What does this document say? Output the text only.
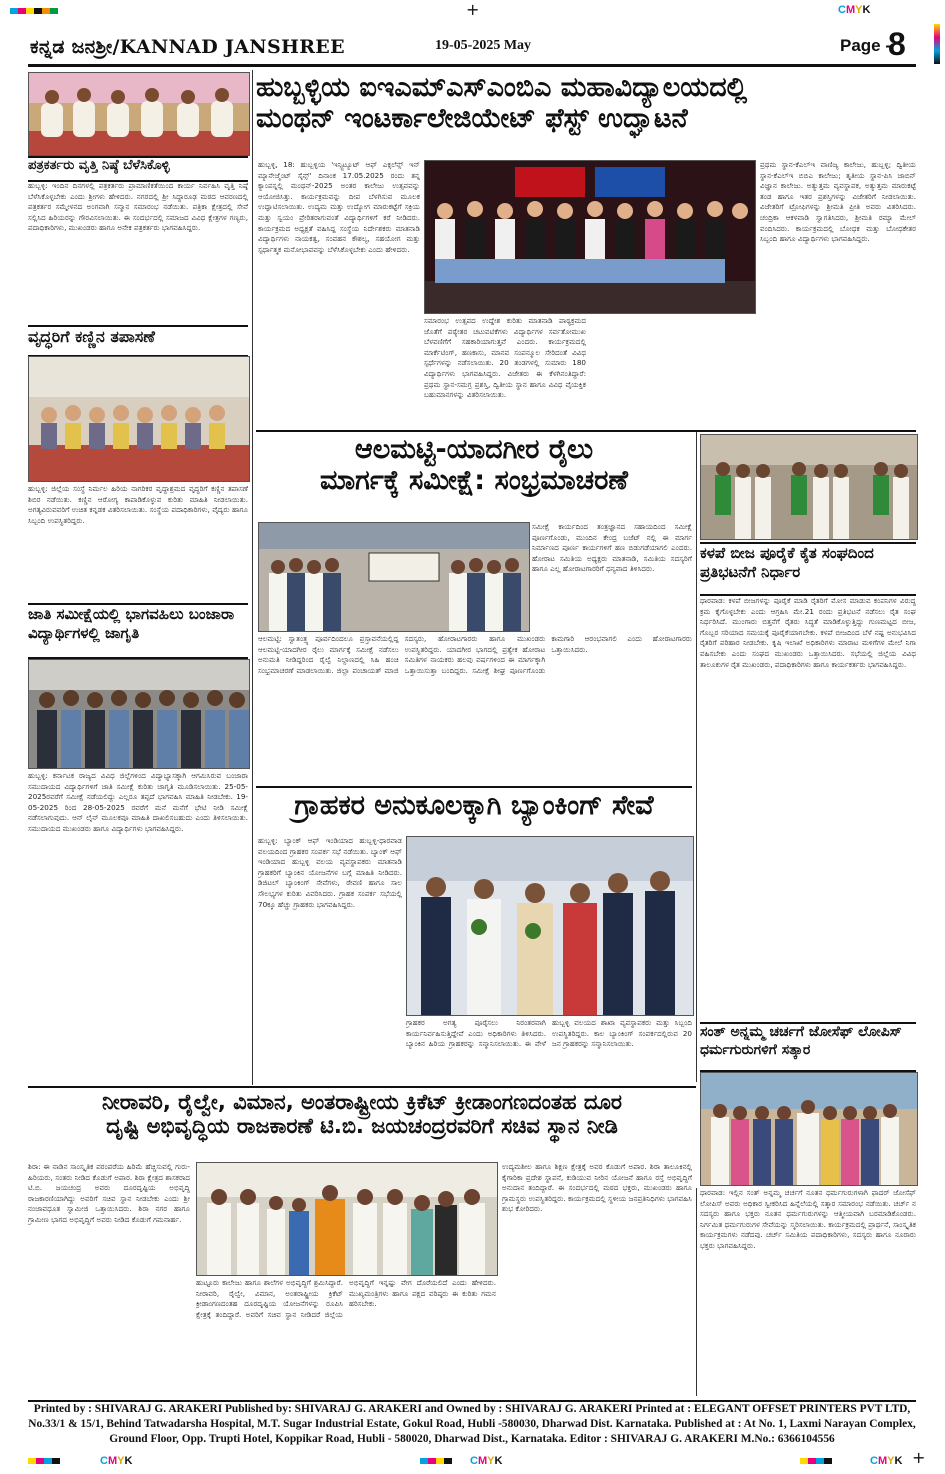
+	CMYK
ಕನ್ನಡ ಜನಶ್ರೀ/KANNAD JANSHREE	19-05-2025 May	Page -
8
ಪತ್ರಕರ್ತರು ವೃತ್ತಿ ನಿಷ್ಠೆ ಬೆಳೆಸಿಕೊಳ್ಳಿ
ಹುಬ್ಬಳ್ಳಿ: ಇಂದಿನ ದಿನಗಳಲ್ಲಿ ಪತ್ರಕರ್ತರು ಪ್ರಾಮಾಣಿಕತೆಯಿಂದ ಕಾರ್ಯ ನಿರ್ವಹಿಸಿ ವೃತ್ತಿ ನಿಷ್ಠೆ ಬೆಳೆಸಿಕೊಳ್ಳಬೇಕು ಎಂದು ಶ್ರೀಗಳು ಹೇಳಿದರು. ನಗರದಲ್ಲಿ ಶ್ರೀ ಸಿದ್ಧಾರೂಢ ಮಠದ ಆವರಣದಲ್ಲಿ ಪತ್ರಕರ್ತರ ಸಮ್ಮೇಳನದ ಅಂಗವಾಗಿ ಸನ್ಮಾನ ಸಮಾರಂಭ ನಡೆಯಿತು. ಪತ್ರಿಕಾ ಕ್ಷೇತ್ರದಲ್ಲಿ ಸೇವೆ ಸಲ್ಲಿಸಿದ ಹಿರಿಯರನ್ನು ಗೌರವಿಸಲಾಯಿತು. ಈ ಸಂದರ್ಭದಲ್ಲಿ ಸಮಾಜದ ವಿವಿಧ ಕ್ಷೇತ್ರಗಳ ಗಣ್ಯರು, ಪದಾಧಿಕಾರಿಗಳು, ಮುಖಂಡರು ಹಾಗೂ ಅನೇಕ ಪತ್ರಕರ್ತರು ಭಾಗವಹಿಸಿದ್ದರು.
ವೃದ್ಧರಿಗೆ ಕಣ್ಣಿನ ತಪಾಸಣೆ
ಹುಬ್ಬಳ್ಳಿ: ಜಿಲ್ಲೆಯ ಸಂಸ್ಥೆ ನಿರ್ಮಲ ಹಿರಿಯ ನಾಗರಿಕರ ವೃದ್ಧಾಶ್ರಮದ ವೃದ್ಧರಿಗೆ ಕಣ್ಣಿನ ತಪಾಸಣೆ ಶಿಬಿರ ನಡೆಯಿತು. ಕಣ್ಣಿನ ಆರೋಗ್ಯ ಕಾಪಾಡಿಕೊಳ್ಳುವ ಕುರಿತು ಮಾಹಿತಿ ನೀಡಲಾಯಿತು. ಅಗತ್ಯವಿರುವವರಿಗೆ ಉಚಿತ ಕನ್ನಡಕ ವಿತರಿಸಲಾಯಿತು. ಸಂಸ್ಥೆಯ ಪದಾಧಿಕಾರಿಗಳು, ವೈದ್ಯರು ಹಾಗೂ ಸಿಬ್ಬಂದಿ ಉಪಸ್ಥಿತರಿದ್ದರು.
ಜಾತಿ ಸಮೀಕ್ಷೆಯಲ್ಲಿ ಭಾಗವಹಿಲು ಬಂಜಾರಾ ವಿದ್ಯಾರ್ಥಿಗಳಲ್ಲಿ ಜಾಗೃತಿ
ಹುಬ್ಬಳ್ಳಿ: ಕರ್ನಾಟಕ ರಾಜ್ಯದ ವಿವಿಧ ಜಿಲ್ಲೆಗಳಿಂದ ವಿದ್ಯಾಭ್ಯಾಸಕ್ಕಾಗಿ ಆಗಮಿಸಿರುವ ಬಂಜಾರಾ ಸಮುದಾಯದ ವಿದ್ಯಾರ್ಥಿಗಳಿಗೆ ಜಾತಿ ಸಮೀಕ್ಷೆ ಕುರಿತು ಜಾಗೃತಿ ಮೂಡಿಸಲಾಯಿತು. 25-05-2025ರವರೆಗೆ ಸಮೀಕ್ಷೆ ನಡೆಯಲಿದ್ದು ಎಲ್ಲರೂ ತಪ್ಪದೆ ಭಾಗವಹಿಸಿ ಮಾಹಿತಿ ನೀಡಬೇಕು. 19-05-2025 ರಿಂದ 28-05-2025 ರವರೆಗೆ ಮನೆ ಮನೆಗೆ ಭೇಟಿ ನೀಡಿ ಸಮೀಕ್ಷೆ ನಡೆಸಲಾಗುವುದು. ಆನ್ ಲೈನ್ ಮೂಲಕವೂ ಮಾಹಿತಿ ದಾಖಲಿಸಬಹುದು ಎಂದು ತಿಳಿಸಲಾಯಿತು. ಸಮುದಾಯದ ಮುಖಂಡರು ಹಾಗೂ ವಿದ್ಯಾರ್ಥಿಗಳು ಭಾಗವಹಿಸಿದ್ದರು.
ಹುಬ್ಬಳ್ಳಿಯ ಐಇಎಮ್ಎಸ್ಎಂಬಿಎ ಮಹಾವಿದ್ಯಾಲಯದಲ್ಲಿ
ಮಂಥನ್ ಇಂಟರ್ಕಾಲೇಜಿಯೇಟ್ ಫೆಸ್ಟ್ ಉದ್ಘಾಟನೆ
ಹುಬ್ಬಳ್ಳಿ, 18: ಹುಬ್ಬಳ್ಳಿಯ 'ಇನ್ಸ್ಟಿಟ್ಯೂಟ್ ಆಫ್ ಎಕ್ಸಲೆನ್ಸ್ ಇನ್ ಮ್ಯಾನೇಜ್ಮೆಂಟ್ ಸೈನ್ಸ್' ದಿನಾಂಕ 17.05.2025 ರಂದು ತನ್ನ ಕ್ಯಾಂಪಸ್ನಲ್ಲಿ ಮಂಥನ್-2025 ಅಂತರ ಕಾಲೇಜು ಉತ್ಸವವನ್ನು ಆಯೋಜಿಸಿತ್ತು. ಕಾರ್ಯಕ್ರಮವನ್ನು ದೀಪ ಬೆಳಗಿಸುವ ಮೂಲಕ ಉದ್ಘಾಟಿಸಲಾಯಿತು. ಉದ್ಯಮ ಮತ್ತು ಉದ್ಯೋಗ ಮಾರುಕಟ್ಟೆಗೆ ಸಕ್ರಿಯ ಮತ್ತು ಸ್ವಯಂ ಪ್ರೇರಿತರಾಗುವಂತೆ ವಿದ್ಯಾರ್ಥಿಗಳಿಗೆ ಕರೆ ನೀಡಿದರು. ಕಾರ್ಯಕ್ರಮದ ಅಧ್ಯಕ್ಷತೆ ವಹಿಸಿದ್ದ ಸಂಸ್ಥೆಯ ನಿರ್ದೇಶಕರು ಮಾತನಾಡಿ ವಿದ್ಯಾರ್ಥಿಗಳು ನಾಯಕತ್ವ, ಸಂವಹನ ಕೌಶಲ್ಯ, ಸಹಯೋಗ ಮತ್ತು ಸ್ಪರ್ಧಾತ್ಮಕ ಮನೋಭಾವವನ್ನು ಬೆಳೆಸಿಕೊಳ್ಳಬೇಕು ಎಂದು ಹೇಳಿದರು.
ಸಮಾರಂಭ ಉತ್ಸವದ ಉದ್ದೇಶ ಕುರಿತು ಮಾತನಾಡಿ ಪಾಠ್ಯಕ್ರಮದ ಜೊತೆಗೆ ಪಠ್ಯೇತರ ಚಟುವಟಿಕೆಗಳು ವಿದ್ಯಾರ್ಥಿಗಳ ಸರ್ವತೋಮುಖ ಬೆಳವಣಿಗೆಗೆ ಸಹಕಾರಿಯಾಗುತ್ತವೆ ಎಂದರು. ಕಾರ್ಯಕ್ರಮದಲ್ಲಿ ಮಾರ್ಕೆಟಿಂಗ್, ಹಣಕಾಸು, ಮಾನವ ಸಂಪನ್ಮೂಲ ಸೇರಿದಂತೆ ವಿವಿಧ ಸ್ಪರ್ಧೆಗಳನ್ನು ನಡೆಸಲಾಯಿತು. 20 ತಂಡಗಳಲ್ಲಿ ಸುಮಾರು 180 ವಿದ್ಯಾರ್ಥಿಗಳು ಭಾಗವಹಿಸಿದ್ದರು. ವಿಜೇತರು ಈ ಕೆಳಗಿನಂತಿದ್ದಾರೆ: ಪ್ರಥಮ ಸ್ಥಾನ-ಸಮಗ್ರ ಪ್ರಶಸ್ತಿ, ದ್ವಿತೀಯ ಸ್ಥಾನ ಹಾಗೂ ವಿವಿಧ ವೈಯಕ್ತಿಕ ಬಹುಮಾನಗಳನ್ನು ವಿತರಿಸಲಾಯಿತು.
ಪ್ರಥಮ ಸ್ಥಾನ-ಕೆಎಲ್ಇ ವಾಣಿಜ್ಯ ಕಾಲೇಜು, ಹುಬ್ಬಳ್ಳಿ; ದ್ವಿತೀಯ ಸ್ಥಾನ-ಕೆಎಲ್ಇ ಬಿಬಿಎ ಕಾಲೇಜು; ತೃತೀಯ ಸ್ಥಾನ-ಪಿಸಿ ಜಾಬಿನ್ ವಿಜ್ಞಾನ ಕಾಲೇಜು. ಅತ್ಯುತ್ತಮ ವ್ಯವಸ್ಥಾಪಕ, ಅತ್ಯುತ್ತಮ ಮಾರುಕಟ್ಟೆ ತಂಡ ಹಾಗೂ ಇತರ ಪ್ರಶಸ್ತಿಗಳನ್ನು ವಿಜೇತರಿಗೆ ನೀಡಲಾಯಿತು. ವಿಜೇತರಿಗೆ ಟ್ರೋಫಿಗಳನ್ನು ಶ್ರೀಮತಿ ಪ್ರೀತಿ ಅವರು ವಿತರಿಸಿದರು. ಚಂದ್ರಿಕಾ ಆಕಳವಾಡಿ ಸ್ವಾಗತಿಸಿದರು, ಶ್ರೀಮತಿ ರಮ್ಯಾ ಮೇಲ್ ವಂದಿಸಿದರು. ಕಾರ್ಯಕ್ರಮದಲ್ಲಿ ಬೋಧಕ ಮತ್ತು ಬೋಧಕೇತರ ಸಿಬ್ಬಂದಿ ಹಾಗೂ ವಿದ್ಯಾರ್ಥಿಗಳು ಭಾಗವಹಿಸಿದ್ದರು.
ಆಲಮಟ್ಟಿ-ಯಾದಗೀರ ರೈಲು
ಮಾರ್ಗಕ್ಕೆ ಸಮೀಕ್ಷೆ: ಸಂಭ್ರಮಾಚರಣೆ
ಸಮೀಕ್ಷೆ ಕಾರ್ಯದಿಂದ ತಂತ್ರಜ್ಞಾನದ ಸಹಾಯದಿಂದ ಸಮೀಕ್ಷೆ ಪೂರ್ಣಗೊಂಡು, ಮುಂದಿನ ಕೇಂದ್ರ ಬಜೆಟ್ ನಲ್ಲಿ ಈ ಮಾರ್ಗ ನಿರ್ಮಾಣದ ಪೂರ್ಣ ಕಾರ್ಯಗಳಿಗೆ ಹಣ ಬಿಡುಗಡೆಯಾಗಲಿ ಎಂದರು. ಹೋರಾಟ ಸಮಿತಿಯ ಅಧ್ಯಕ್ಷರು ಮಾತನಾಡಿ, ಸಮಿತಿಯ ಸದಸ್ಯರಿಗೆ ಹಾಗೂ ಎಲ್ಲ ಹೋರಾಟಗಾರರಿಗೆ ಧನ್ಯವಾದ ತಿಳಿಸಿದರು.
ಆಲಮಟ್ಟಿ: ಸ್ವಾತಂತ್ರ್ಯ ಪೂರ್ವದಿಂದಲೂ ಪ್ರಸ್ತಾವನೆಯಲ್ಲಿದ್ದ ಆಲಮಟ್ಟಿ-ಯಾದಗೀರ ರೈಲು ಮಾರ್ಗಕ್ಕೆ ಸಮೀಕ್ಷೆ ನಡೆಸಲು ಅನುಮತಿ ನೀಡಿದ್ದರಿಂದ ರೈಲ್ವೆ ನಿಲ್ದಾಣದಲ್ಲಿ ಸಿಹಿ ಹಂಚಿ ಸಂಭ್ರಮಾಚರಣೆ ಮಾಡಲಾಯಿತು. ಜಿಲ್ಲಾ ಪಂಚಾಯತ್ ಮಾಜಿ ಸದಸ್ಯರು, ಹೋರಾಟಗಾರರು ಹಾಗೂ ಮುಖಂಡರು ಉಪಸ್ಥಿತರಿದ್ದರು. ಯಾದಗೀರ ಭಾಗದಲ್ಲಿ ಪ್ರತ್ಯೇಕ ಹೋರಾಟ ಸಮಿತಿಗಳ ನಾಯಕರು ಹಲವು ವರ್ಷಗಳಿಂದ ಈ ಮಾರ್ಗಕ್ಕಾಗಿ ಒತ್ತಾಯಿಸುತ್ತಾ ಬಂದಿದ್ದರು. ಸಮೀಕ್ಷೆ ಶೀಘ್ರ ಪೂರ್ಣಗೊಂಡು ಕಾಮಗಾರಿ ಆರಂಭವಾಗಲಿ ಎಂದು ಹೋರಾಟಗಾರರು ಒತ್ತಾಯಿಸಿದರು.
ಕಳಪೆ ಬೀಜ ಪೂರೈಕೆ ಕೈತ ಸಂಘದಿಂದ ಪ್ರತಿಭಟನೆಗೆ ನಿರ್ಧಾರ
ಧಾರವಾಡ: ಕಳಪೆ ಬೀಜಗಳನ್ನು ಪೂರೈಕೆ ಮಾಡಿ ರೈತರಿಗೆ ಮೋಸ ಮಾಡುವ ಕಂಪನಿಗಳ ವಿರುದ್ಧ ಕ್ರಮ ಕೈಗೊಳ್ಳಬೇಕು ಎಂದು ಆಗ್ರಹಿಸಿ ಮೇ.21 ರಂದು ಪ್ರತಿಭಟನೆ ನಡೆಸಲು ರೈತ ಸಂಘ ನಿರ್ಧರಿಸಿದೆ. ಮುಂಗಾರು ಬಿತ್ತನೆಗೆ ರೈತರು ಸಿದ್ಧತೆ ಮಾಡಿಕೊಳ್ಳುತ್ತಿದ್ದು ಗುಣಮಟ್ಟದ ಬೀಜ, ಗೊಬ್ಬರ ಸರಿಯಾದ ಸಮಯಕ್ಕೆ ಪೂರೈಕೆಯಾಗಬೇಕು. ಕಳಪೆ ಬೀಜದಿಂದ ಬೆಳೆ ನಷ್ಟ ಅನುಭವಿಸಿದ ರೈತರಿಗೆ ಪರಿಹಾರ ನೀಡಬೇಕು. ಕೃಷಿ ಇಲಾಖೆ ಅಧಿಕಾರಿಗಳು ಮಾರಾಟ ಮಳಿಗೆಗಳ ಮೇಲೆ ನಿಗಾ ವಹಿಸಬೇಕು ಎಂದು ಸಂಘದ ಮುಖಂಡರು ಒತ್ತಾಯಿಸಿದರು. ಸಭೆಯಲ್ಲಿ ಜಿಲ್ಲೆಯ ವಿವಿಧ ತಾಲೂಕುಗಳ ರೈತ ಮುಖಂಡರು, ಪದಾಧಿಕಾರಿಗಳು ಹಾಗೂ ಕಾರ್ಯಕರ್ತರು ಭಾಗವಹಿಸಿದ್ದರು.
ಗ್ರಾಹಕರ ಅನುಕೂಲಕ್ಕಾಗಿ ಬ್ಯಾಂಕಿಂಗ್ ಸೇವೆ
ಹುಬ್ಬಳ್ಳಿ: ಬ್ಯಾಂಕ್ ಆಫ್ ಇಂಡಿಯಾದ ಹುಬ್ಬಳ್ಳಿ-ಧಾರವಾಡ ವಲಯದಿಂದ ಗ್ರಾಹಕರ ಸಂಪರ್ಕ ಸಭೆ ನಡೆಯಿತು. ಬ್ಯಾಂಕ್ ಆಫ್ ಇಂಡಿಯಾದ ಹುಬ್ಬಳ್ಳಿ ವಲಯ ವ್ಯವಸ್ಥಾಪಕರು ಮಾತನಾಡಿ ಗ್ರಾಹಕರಿಗೆ ಬ್ಯಾಂಕಿನ ಯೋಜನೆಗಳ ಬಗ್ಗೆ ಮಾಹಿತಿ ನೀಡಿದರು. ಡಿಜಿಟಲ್ ಬ್ಯಾಂಕಿಂಗ್ ಸೇವೆಗಳು, ಠೇವಣಿ ಹಾಗೂ ಸಾಲ ಸೌಲಭ್ಯಗಳ ಕುರಿತು ವಿವರಿಸಿದರು. ಗ್ರಾಹಕ ಸಂಪರ್ಕ ಸಭೆಯಲ್ಲಿ 70ಕ್ಕೂ ಹೆಚ್ಚು ಗ್ರಾಹಕರು ಭಾಗವಹಿಸಿದ್ದರು.
ಗ್ರಾಹಕರ ಅಗತ್ಯ ಪೂರೈಸಲು ನಿರಂತರವಾಗಿ ಕಾರ್ಯನಿರ್ವಹಿಸುತ್ತಿದ್ದೇವೆ ಎಂದು ಅಧಿಕಾರಿಗಳು ತಿಳಿಸಿದರು. ಬ್ಯಾಂಕಿನ ಹಿರಿಯ ಗ್ರಾಹಕರನ್ನು ಸನ್ಮಾನಿಸಲಾಯಿತು. ಈ ವೇಳೆ ಹುಬ್ಬಳ್ಳಿ ವಲಯದ ಶಾಖಾ ವ್ಯವಸ್ಥಾಪಕರು ಮತ್ತು ಸಿಬ್ಬಂದಿ ಉಪಸ್ಥಿತರಿದ್ದರು. ಕಾಲ ಬ್ಯಾಂಕಿಂಗ್ ಸಂಪರ್ಕದಲ್ಲಿರುವ 20 ಜನ ಗ್ರಾಹಕರನ್ನು ಸನ್ಮಾನಿಸಲಾಯಿತು.
ಸಂತ್ ಅನ್ನಮ್ಮ ಚರ್ಚಗೆ ಜೋಸೆಫ್ ಲೋಪಿಸ್ ಧರ್ಮಗುರುಗಳಿಗೆ ಸತ್ಕಾರ
ಧಾರವಾಡ: ಇಲ್ಲಿನ ಸಂತ್ ಅನ್ನಮ್ಮ ಚರ್ಚಗೆ ನೂತನ ಧರ್ಮಗುರುಗಳಾಗಿ ಫಾದರ್ ಜೋಸೆಫ್ ಲೋಪಿಸ್ ಅವರು ಅಧಿಕಾರ ಸ್ವೀಕರಿಸಿದ ಹಿನ್ನೆಲೆಯಲ್ಲಿ ಸತ್ಕಾರ ಸಮಾರಂಭ ನಡೆಯಿತು. ಚರ್ಚ್ ನ ಸದಸ್ಯರು ಹಾಗೂ ಭಕ್ತರು ನೂತನ ಧರ್ಮಗುರುಗಳನ್ನು ಆತ್ಮೀಯವಾಗಿ ಬರಮಾಡಿಕೊಂಡರು. ನಿರ್ಗಮಿತ ಧರ್ಮಗುರುಗಳ ಸೇವೆಯನ್ನು ಸ್ಮರಿಸಲಾಯಿತು. ಕಾರ್ಯಕ್ರಮದಲ್ಲಿ ಪ್ರಾರ್ಥನೆ, ಸಾಂಸ್ಕೃತಿಕ ಕಾರ್ಯಕ್ರಮಗಳು ನಡೆದವು. ಚರ್ಚ್ ಸಮಿತಿಯ ಪದಾಧಿಕಾರಿಗಳು, ಸದಸ್ಯರು ಹಾಗೂ ನೂರಾರು ಭಕ್ತರು ಭಾಗವಹಿಸಿದ್ದರು.
ನೀರಾವರಿ, ರೈಲ್ವೇ, ವಿಮಾನ, ಅಂತರಾಷ್ಟ್ರೀಯ ಕ್ರಿಕೆಟ್ ಕ್ರೀಡಾಂಗಣದಂತಹ ದೂರ
ದೃಷ್ಟಿ ಅಭಿವೃದ್ಧಿಯ ರಾಜಕಾರಣೆ ಟಿ.ಬಿ. ಜಯಚಂದ್ರರವರಿಗೆ ಸಚಿವ ಸ್ಥಾನ ನೀಡಿ
ಶಿರಾ: ಈ ನಾಡಿನ ಸಾಂಸ್ಕೃತಿಕ ಪರಂಪರೆಯ ಹಿರಿಮೆ ಹೆಚ್ಚಿಸುವಲ್ಲಿ ಗುರು-ಹಿರಿಯರು, ಸಂತರು ನೀಡಿದ ಕೊಡುಗೆ ಅಪಾರ. ಶಿರಾ ಕ್ಷೇತ್ರದ ಶಾಸಕರಾದ ಟಿ.ಬಿ. ಜಯಚಂದ್ರ ಅವರು ದೂರದೃಷ್ಟಿಯ ಅಭಿವೃದ್ಧಿ ರಾಜಕಾರಣಿಯಾಗಿದ್ದು ಅವರಿಗೆ ಸಚಿವ ಸ್ಥಾನ ನೀಡಬೇಕು ಎಂದು ಶ್ರೀ ನಂಜಾವಧೂತ ಸ್ವಾಮೀಜಿ ಒತ್ತಾಯಿಸಿದರು. ಶಿರಾ ನಗರ ಹಾಗೂ ಗ್ರಾಮೀಣ ಭಾಗದ ಅಭಿವೃದ್ಧಿಗೆ ಅವರು ನೀಡಿದ ಕೊಡುಗೆ ಗಮನಾರ್ಹ.
ಹುಟ್ಟೂರು ಕಾಲೇಜು ಹಾಗೂ ಶಾಲೆಗಳ ಅಭಿವೃದ್ಧಿಗೆ ಶ್ರಮಿಸಿದ್ದಾರೆ. ನೀರಾವರಿ, ರೈಲ್ವೇ, ವಿಮಾನ, ಅಂತರಾಷ್ಟ್ರೀಯ ಕ್ರಿಕೆಟ್ ಕ್ರೀಡಾಂಗಣದಂತಹ ದೂರದೃಷ್ಟಿಯ ಯೋಜನೆಗಳನ್ನು ರೂಪಿಸಿ ಕ್ಷೇತ್ರಕ್ಕೆ ತಂದಿದ್ದಾರೆ. ಅವರಿಗೆ ಸಚಿವ ಸ್ಥಾನ ನೀಡಿದರೆ ಜಿಲ್ಲೆಯ ಅಭಿವೃದ್ಧಿಗೆ ಇನ್ನಷ್ಟು ವೇಗ ದೊರೆಯಲಿದೆ ಎಂದು ಹೇಳಿದರು. ಮುಖ್ಯಮಂತ್ರಿಗಳು ಹಾಗೂ ಪಕ್ಷದ ವರಿಷ್ಠರು ಈ ಕುರಿತು ಗಮನ ಹರಿಸಬೇಕು.
ಉದ್ಯಮಶೀಲ ಹಾಗೂ ಶಿಕ್ಷಣ ಕ್ಷೇತ್ರಕ್ಕೆ ಅವರ ಕೊಡುಗೆ ಅಪಾರ. ಶಿರಾ ತಾಲೂಕಿನಲ್ಲಿ ಕೈಗಾರಿಕಾ ಪ್ರದೇಶ ಸ್ಥಾಪನೆ, ಕುಡಿಯುವ ನೀರಿನ ಯೋಜನೆ ಹಾಗೂ ರಸ್ತೆ ಅಭಿವೃದ್ಧಿಗೆ ಅನುದಾನ ತಂದಿದ್ದಾರೆ. ಈ ಸಂದರ್ಭದಲ್ಲಿ ಮಠದ ಭಕ್ತರು, ಮುಖಂಡರು ಹಾಗೂ ಗ್ರಾಮಸ್ಥರು ಉಪಸ್ಥಿತರಿದ್ದರು. ಕಾರ್ಯಕ್ರಮದಲ್ಲಿ ಸ್ಥಳೀಯ ಜನಪ್ರತಿನಿಧಿಗಳು ಭಾಗವಹಿಸಿ ಶುಭ ಕೋರಿದರು.
Printed by : SHIVARAJ G. ARAKERI Published by: SHIVARAJ G. ARAKERI and Owned by : SHIVARAJ G. ARAKERI Printed at : ELEGANT OFFSET PRINTERS PVT LTD,
No.33/1 & 15/1, Behind Tatwadarsha Hospital, M.T. Sugar Industrial Estate, Gokul Road, Hubli -580030, Dharwad Dist. Karnataka. Published at : At No. 1, Laxmi Narayan Complex,
Ground Floor, Opp. Trupti Hotel, Koppikar Road, Hubli - 580020, Dharwad Dist., Karnataka. Editor : SHIVARAJ G. ARAKERI M.No.: 6366104556
CMYK	CMYK	CMYK +
